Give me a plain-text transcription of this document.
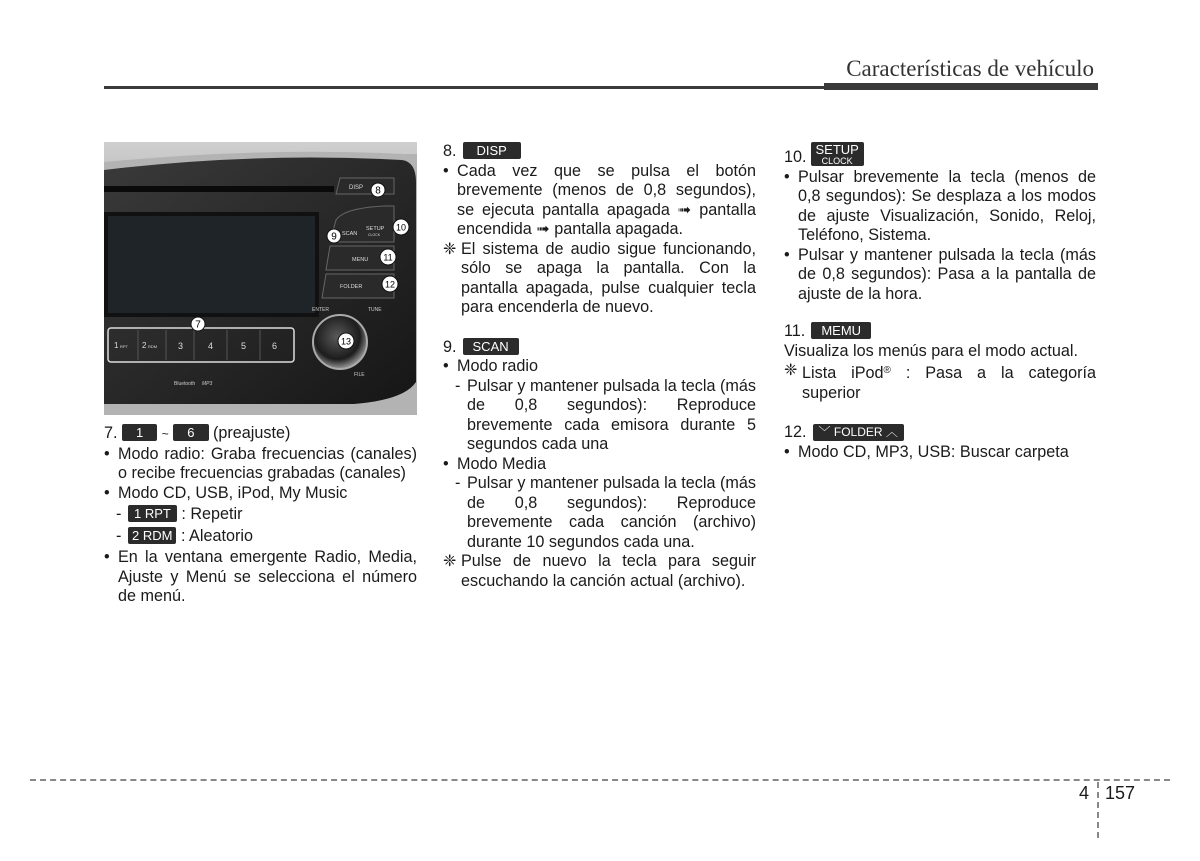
Características de vehículo
1 RPT 2 RDM 3	4	5	6
Bluetooth MP3
DISP
SCAN
SETUP
CLOCK
MENU
FOLDER
ENTER	TUNE
FILE
8
9
10
11
12
13
7

7. 1 ~ 6 (preajuste)

• Modo radio: Graba frecuencias (canales) o recibe frecuencias grabadas (canales)
• Modo CD, USB, iPod, My Music
- 1 RPT : Repetir
- 2 RDM : Aleatorio
• En la ventana emergente Radio, Media, Ajuste y Menú se selecciona el número de menú.

8. DISP

• Cada vez que se pulsa el botón brevemente (menos de 0,8 segundos), se ejecuta pantalla apagada ➟ pantalla encendida ➟ pantalla apagada.
❈ El sistema de audio sigue funcionando, sólo se apaga la pantalla. Con la pantalla apagada, pulse cualquier tecla para encenderla de nuevo.

9. SCAN

• Modo radio
- Pulsar y mantener pulsada la tecla (más de 0,8 segundos): Reproduce brevemente cada emisora durante 5 segundos cada una
• Modo Media
- Pulsar y mantener pulsada la tecla (más de 0,8 segundos): Reproduce brevemente cada canción (archivo) durante 10 segundos cada una.
❈ Pulse de nuevo la tecla para seguir escuchando la canción actual (archivo).

10. SETUP
CLOCK

• Pulsar brevemente la tecla (menos de 0,8 segundos): Se desplaza a los modos de ajuste Visualización, Sonido, Reloj, Teléfono, Sistema.
• Pulsar y mantener pulsada la tecla (más de 0,8 segundos): Pasa a la pantalla de ajuste de la hora.

11. MEMU

Visualiza los menús para el modo actual.

❈ Lista iPod® : Pasa a la categoría superior

12. ﹀ FOLDER ︿

• Modo CD, MP3, USB: Buscar carpeta
4 157
